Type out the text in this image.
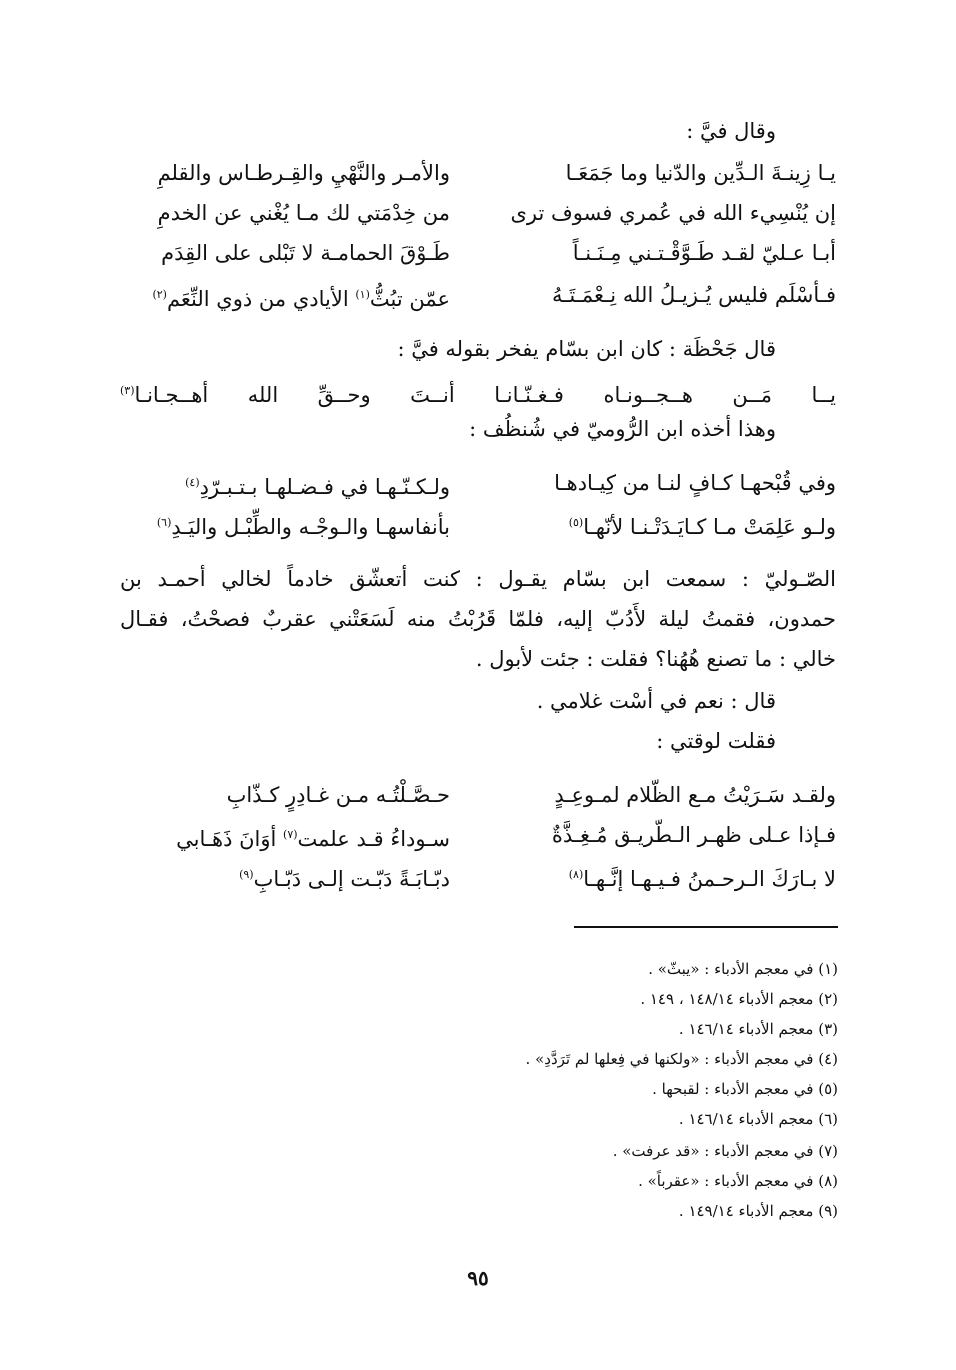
وقال فيَّ :
يـا زِينـةَ الـدِّين والدّنيا وما جَمَعَـا
والأمـر والنَّهْيِ والقِـرطـاس والقلمِ
إن يُنْسِيء الله في عُمري فسوف ترى
من خِدْمَتي لك مـا يُغْني عن الخدمِ
أبـا عـليّ لقـد طَـوَّقْـتـني مِـنَـنـاً
طَـوْقَ الحمامـة لا تَبْلى على القِدَم
فـأسْلَم فليس يُـزيـلُ الله نِـعْمَـتَـهُ
عمّن تبُثُّ$^{(١)}$ الأيادي من ذوي النِّعَم$^{(٢)}$
قال جَحْظَة : كان ابن بسّام يفخر بقوله فيَّ :
يــا مَــن هــجــونـاه فـغـنّـانـا أنــتَ وحــقِّ الله أهــجـانـا$^{(٣)}$
وهذا أخذه ابن الرُّوميّ في شُنظُف :
وفي قُبْحهـا كـافٍ لنـا من كِيـادهـا
ولـكـنّـهـا في فـضـلهـا بـتـبـرّدِ$^{(٤)}$
ولـو عَلِمَتْ مـا كـايَـدَتْـنـا لأنّهـا$^{(٥)}$
بأنفاسهـا والـوجْـه والطِّبْـل واليَـدِ$^{(٦)}$
الصّـوليّ : سمعت ابن بسّام يقـول : كنت أتعشّق خادماً لخالي أحمـد بن
حمدون، فقمتُ ليلة لأَدُبّ إليه، فلمّا قَرُبْتُ منه لَسَعَتْني عقربٌ فصحْتُ، فقـال
خالي : ما تصنع هُهُنا؟ فقلت : جئت لأبول .
قال : نعم في أسْت غلامي .
فقلت لوقتي :
ولقـد سَـرَيْتُ مـع الظّلام لمـوعِـدٍ
حـصَّـلْتُـه مـن غـادِرٍ كـذّابِ
فـإذا عـلى ظهـر الـطّريـق مُـغِـذَّةٌ
سـوداءُ قـد علمت$^{(٧)}$ أوَانَ ذَهَـابي
لا بـارَكَ الـرحـمنُ فـيـهـا إنَّـهـا$^{(٨)}$
دبّـابَـةً دَبّـت إلـى دَبّـابِ$^{(٩)}$
(١) في معجم الأدباء : «يبثّ» .
(٢) معجم الأدباء ١٤٨/١٤ ، ١٤٩ .
(٣) معجم الأدباء ١٤٦/١٤ .
(٤) في معجم الأدباء : «ولكنها في فِعلها لم تَرَدَّدِ» .
(٥) في معجم الأدباء : لقبحها .
(٦) معجم الأدباء ١٤٦/١٤ .
(٧) في معجم الأدباء : «قد عرفت» .
(٨) في معجم الأدباء : «عقرباً» .
(٩) معجم الأدباء ١٤٩/١٤ .
٩٥
